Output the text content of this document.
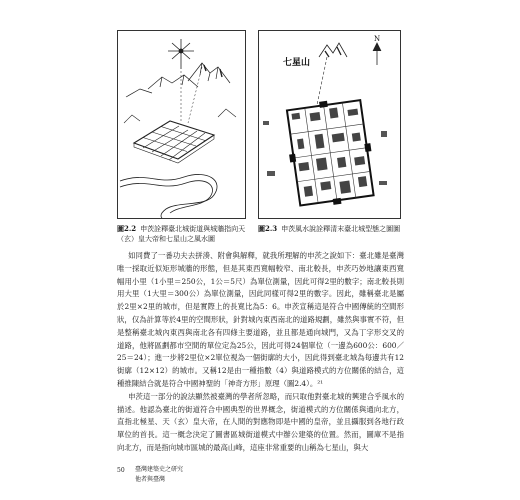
七星山
N
圖2.2 申茨詮釋臺北城街道與城牆指向天（玄）皇大帝和七星山之風水圖
圖2.3 申茨風水說詮釋清末臺北城型態之圖圖

如同費了一番功夫去拼湊、附會與解釋，就我所理解的申茨之說如下：臺北雖是臺灣唯一採取近似矩形城牆的形態，但是其東西寬幅較窄、南北較長，申茨巧妙地讓東西寬幅用小里（1小里＝250公，1公＝5尺）為單位測量，因此可得2里的數字；南北較長則用大里（1大里＝300公）為單位測量，因此同樣可得2里的數字。因此，雖稱臺北是屬於2里×2里的城市，但是實際上的長寬比為5：6。申茨宣稱這是符合中國傳統的空間形狀，仅為計算等於4里的空間形狀，針對城內東西南北的道路規劃，雖然與事實不符，但是整稱臺北城內東西與南北各有四條主要道路，並且都是通向城門，又為丁字形交叉的道路，他將區劃都市空間的單位定為25公，因此可得24個單位（一邊為600公：600／25＝24）；進一步將2里位×2單位視為一個街廓的大小，因此得到臺北城為每邊共有12街廓（12×12）的城市。又稱12是由一種指數（4）與道路模式的方位關係的結合，這種推陳結合就是符合中國神聖的「神奇方形」原理（圖2.4）。²¹

申茨這一部分的說法顯然被臺灣的學者所忽略，而只取他對臺北城的興建合乎風水的描述。他認為臺北的街道符合中國典型的世界概念，街道模式的方位關係與通向北方，直指北極星、天（玄）皇大帝，在人間的對應物即是中國的皇帝，並且攝服到各地行政單位的首長。這一概念決定了圖書區城街道模式中辦公建築的位置。然而，圖庫不是指向北方，而是指向城市區城的最高山峰，這座非常重要的山稱為七星山，與大

50 臺灣建築史之研究
他者與臺灣
